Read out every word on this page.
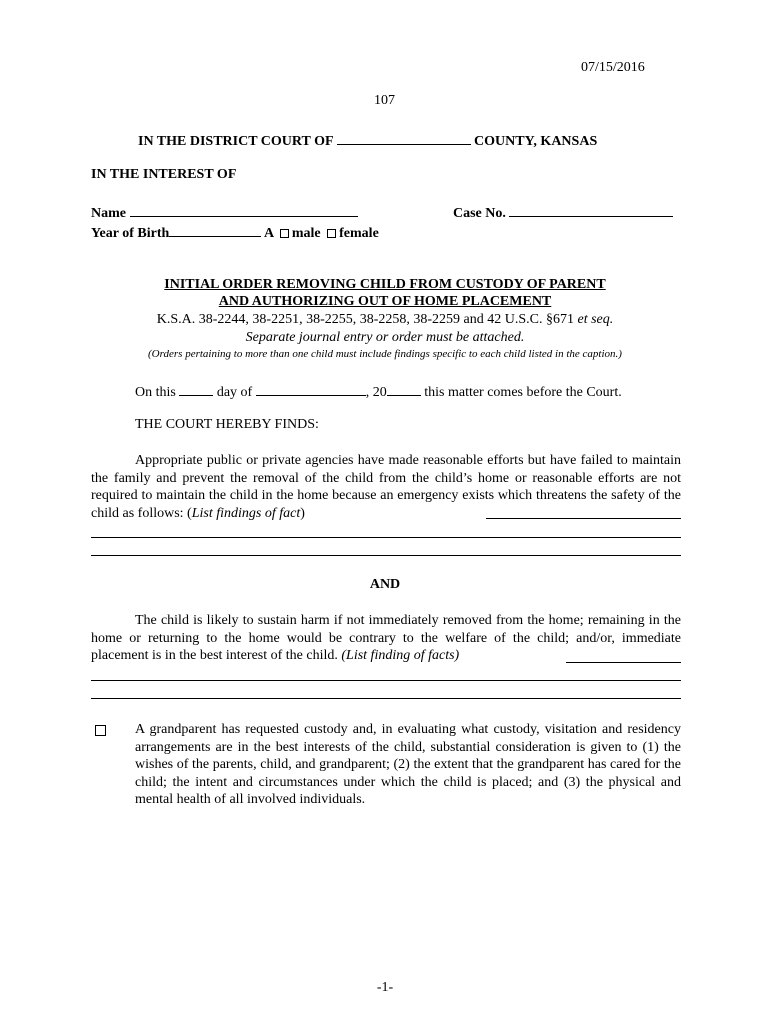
07/15/2016
107
IN THE DISTRICT COURT OF	COUNTY, KANSAS
IN THE INTEREST OF
Name	Case No.
Year of Birth	A male female
INITIAL ORDER REMOVING CHILD FROM CUSTODY OF PARENT
AND AUTHORIZING OUT OF HOME PLACEMENT
K.S.A. 38-2244, 38-2251, 38-2255, 38-2258, 38-2259 and 42 U.S.C. §671 et seq.
Separate journal entry or order must be attached.
(Orders pertaining to more than one child must include findings specific to each child listed in the caption.)
On this	day of	, 20	this matter comes before the Court.
THE COURT HEREBY FINDS:
Appropriate public or private agencies have made reasonable efforts but have failed to maintain the family and prevent the removal of the child from the child’s home or reasonable efforts are not required to maintain the child in the home because an emergency exists which threatens the safety of the child as follows: (List findings of fact)
AND
The child is likely to sustain harm if not immediately removed from the home; remaining in the home or returning to the home would be contrary to the welfare of the child; and/or, immediate placement is in the best interest of the child. (List finding of facts)
A grandparent has requested custody and, in evaluating what custody, visitation and residency arrangements are in the best interests of the child, substantial consideration is given to (1) the wishes of the parents, child, and grandparent; (2) the extent that the grandparent has cared for the child; the intent and circumstances under which the child is placed; and (3) the physical and mental health of all involved individuals.
-1-
